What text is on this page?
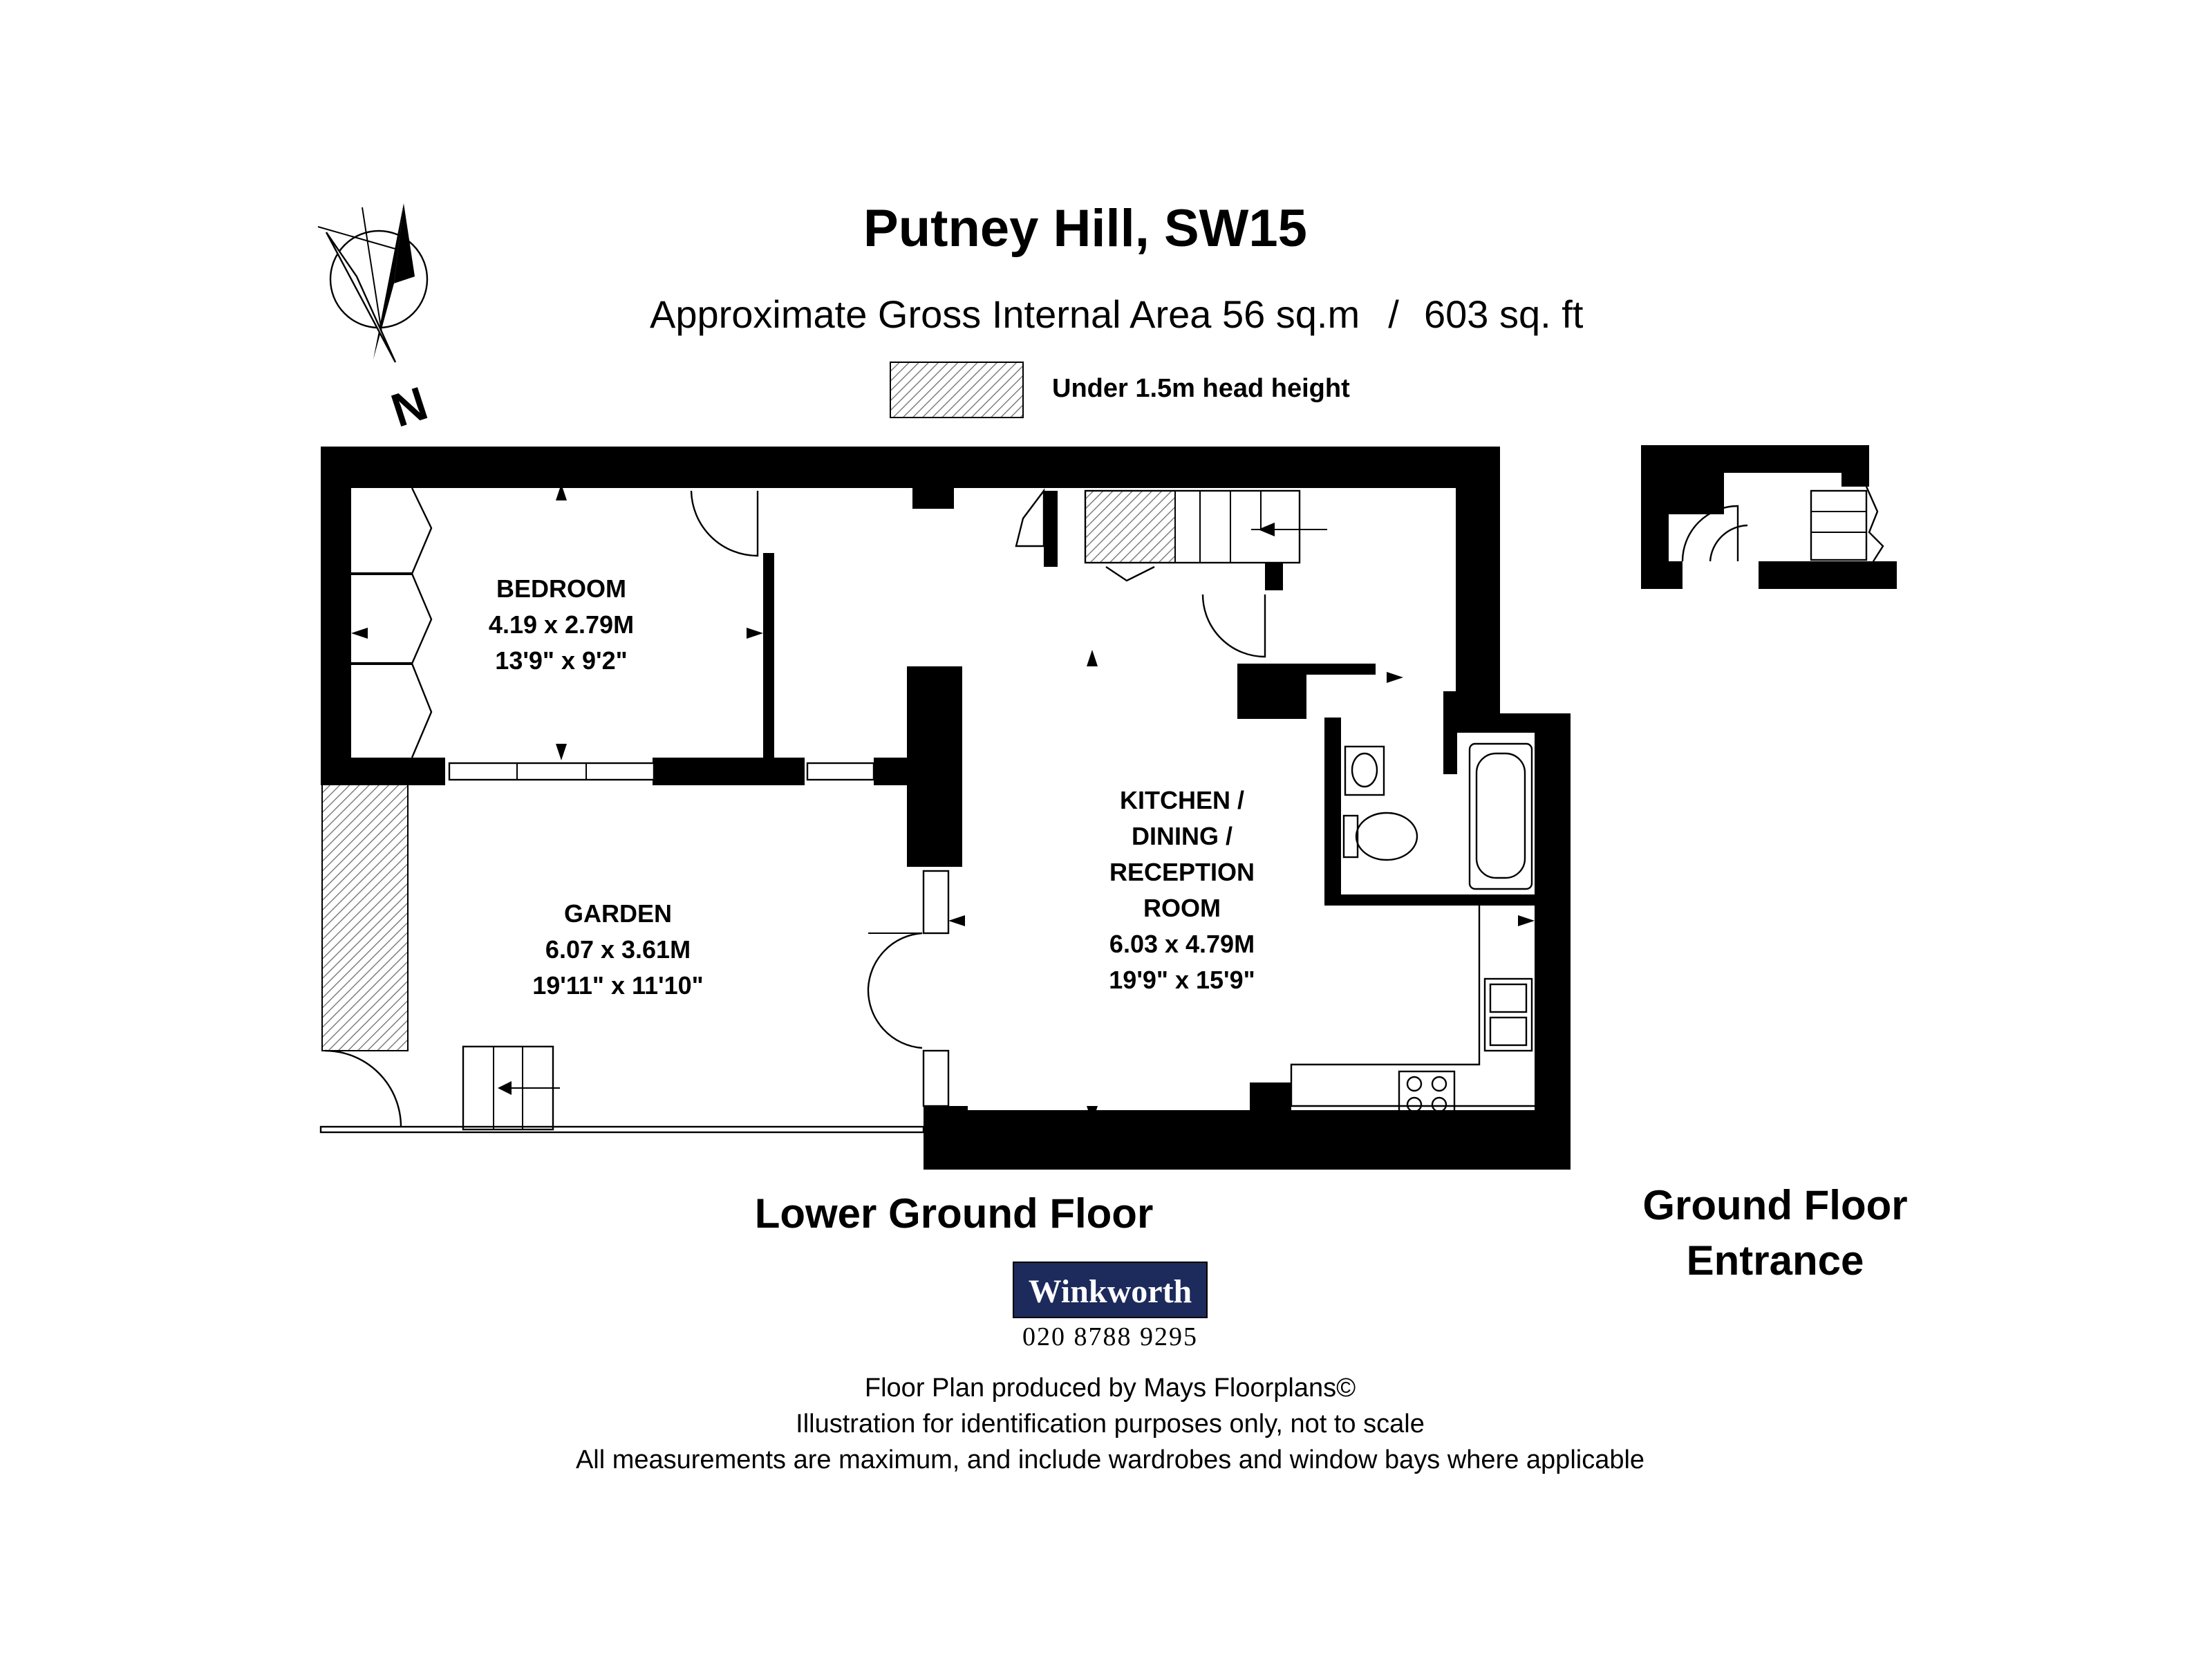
Putney Hill, SW15
Approximate Gross Internal Area 56 sq.m / 603 sq. ft
Under 1.5m head height
N
BEDROOM
4.19 x 2.79M
13'9" x 9'2"
GARDEN
6.07 x 3.61M
19'11" x 11'10"
KITCHEN /
DINING /
RECEPTION
ROOM
6.03 x 4.79M
19'9" x 15'9"
Lower Ground Floor	Ground Floor
Entrance
Winkworth
020 8788 9295
Floor Plan produced by Mays Floorplans©
Illustration for identification purposes only, not to scale
All measurements are maximum, and include wardrobes and window bays where applicable
